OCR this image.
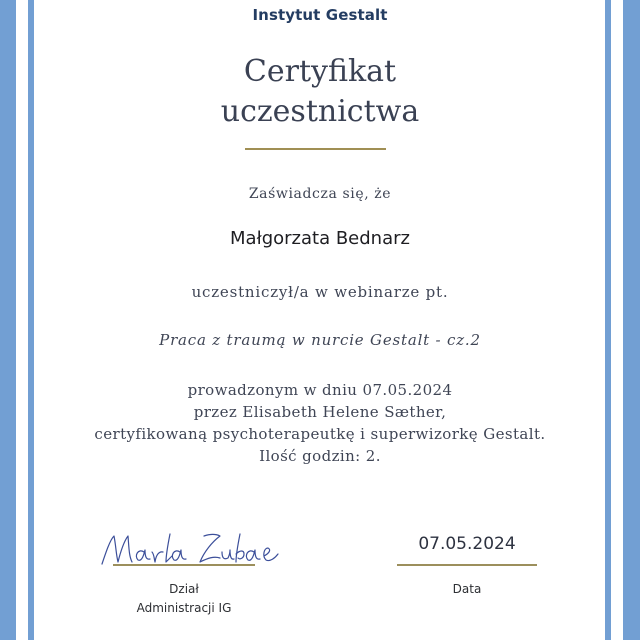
Instytut Gestalt
Certyfikat
uczestnictwa
Zaświadcza się, że
Małgorzata Bednarz
uczestniczył/a w webinarze pt.
Praca z traumą w nurcie Gestalt - cz.2
prowadzonym w dniu 07.05.2024
przez Elisabeth Helene Sæther,
certyfikowaną psychoterapeutkę i superwizorkę Gestalt.
Ilość godzin: 2.
Dział
Administracji IG
07.05.2024
Data
